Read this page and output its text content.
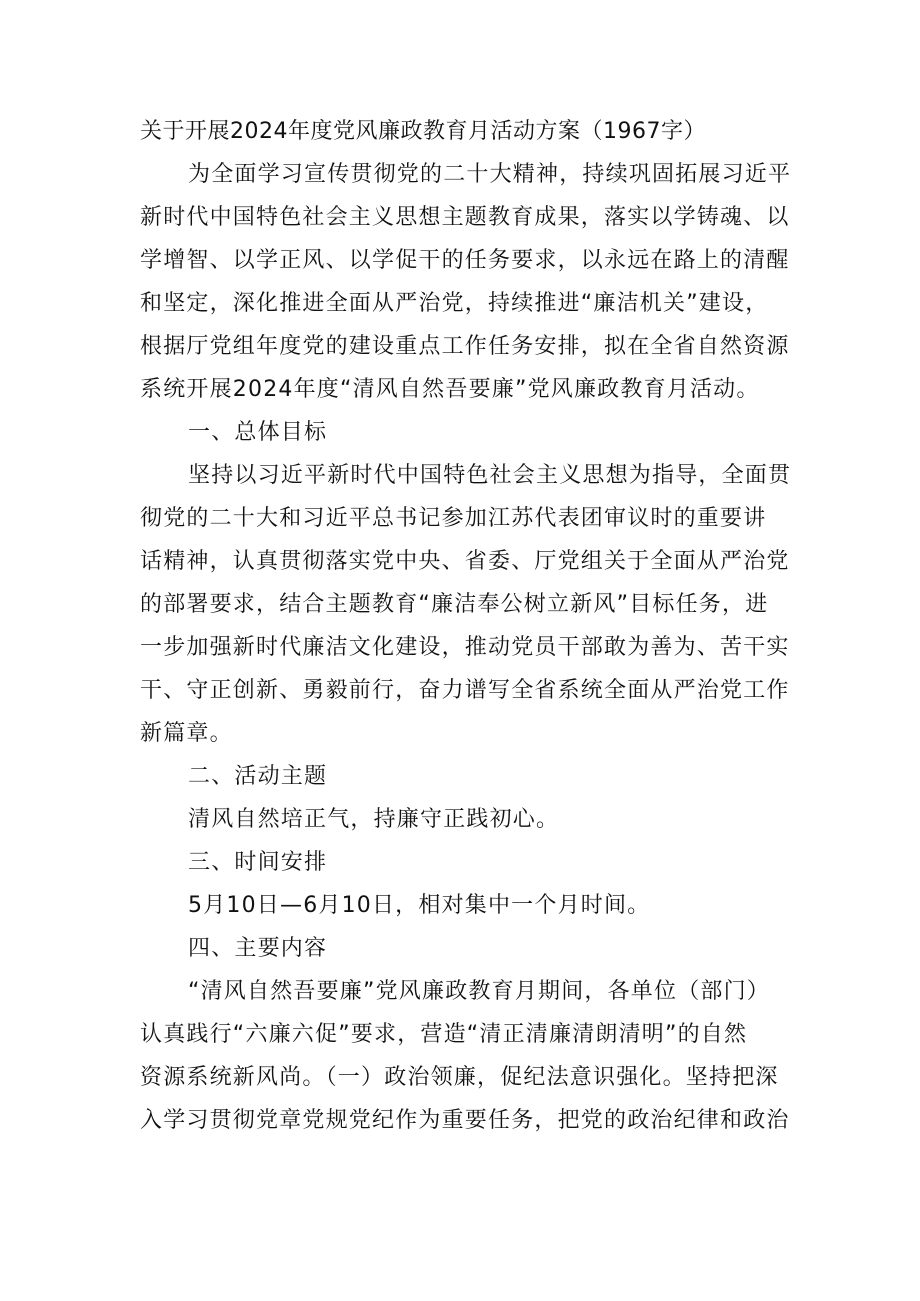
关于开展2024年度党风廉政教育月活动方案（1967字）
为全面学习宣传贯彻党的二十大精神，持续巩固拓展习近平
新时代中国特色社会主义思想主题教育成果，落实以学铸魂、以
学增智、以学正风、以学促干的任务要求，以永远在路上的清醒
和坚定，深化推进全面从严治党，持续推进“廉洁机关”建设，
根据厅党组年度党的建设重点工作任务安排，拟在全省自然资源
系统开展2024年度“清风自然吾要廉”党风廉政教育月活动。
一、总体目标
坚持以习近平新时代中国特色社会主义思想为指导，全面贯
彻党的二十大和习近平总书记参加江苏代表团审议时的重要讲
话精神，认真贯彻落实党中央、省委、厅党组关于全面从严治党
的部署要求，结合主题教育“廉洁奉公树立新风”目标任务，进
一步加强新时代廉洁文化建设，推动党员干部敢为善为、苦干实
干、守正创新、勇毅前行，奋力谱写全省系统全面从严治党工作
新篇章。
二、活动主题
清风自然培正气，持廉守正践初心。
三、时间安排
5月10日—6月10日，相对集中一个月时间。
四、主要内容
“清风自然吾要廉”党风廉政教育月期间，各单位（部门）
认真践行“六廉六促”要求，营造“清正清廉清朗清明”的自然
资源系统新风尚。（一）政治领廉，促纪法意识强化。坚持把深
入学习贯彻党章党规党纪作为重要任务，把党的政治纪律和政治
